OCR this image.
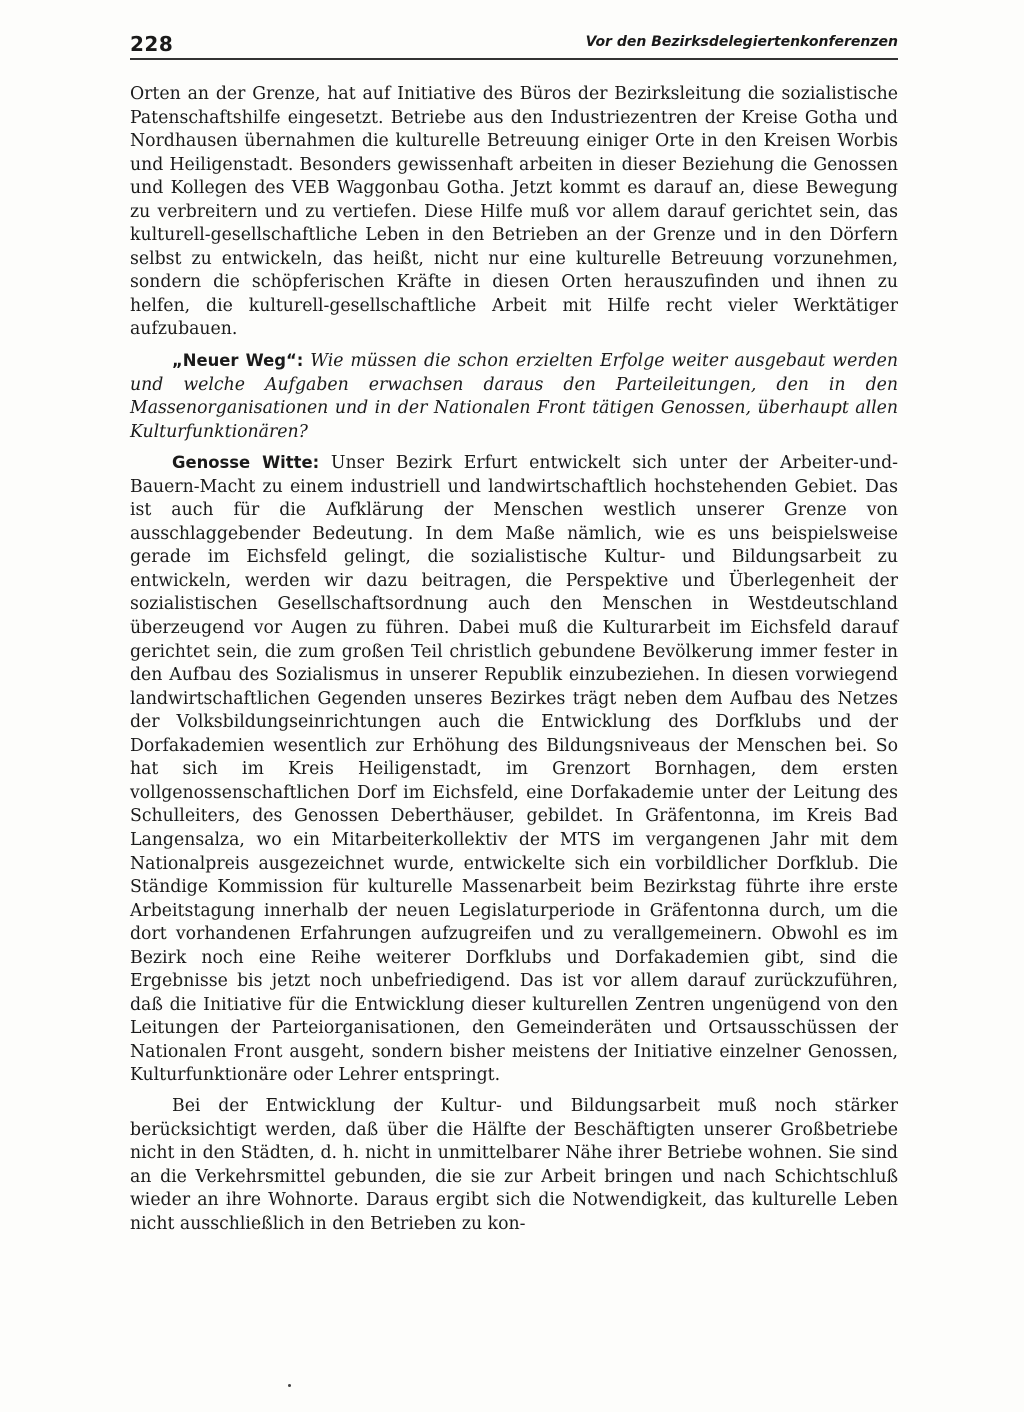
228	Vor den Bezirksdelegiertenkonferenzen

Orten an der Grenze, hat auf Initiative des Büros der Bezirksleitung die sozialistische Patenschaftshilfe eingesetzt. Betriebe aus den Industriezentren der Kreise Gotha und Nordhausen übernahmen die kulturelle Betreuung einiger Orte in den Kreisen Worbis und Heiligenstadt. Besonders gewissenhaft arbeiten in dieser Beziehung die Genossen und Kollegen des VEB Waggonbau Gotha. Jetzt kommt es darauf an, diese Bewegung zu verbreitern und zu vertiefen. Diese Hilfe muß vor allem darauf gerichtet sein, das kulturell-gesellschaftliche Leben in den Betrieben an der Grenze und in den Dörfern selbst zu entwickeln, das heißt, nicht nur eine kulturelle Betreuung vorzunehmen, sondern die schöpferischen Kräfte in diesen Orten herauszufinden und ihnen zu helfen, die kulturell-gesellschaftliche Arbeit mit Hilfe recht vieler Werktätiger aufzubauen.

„Neuer Weg“: Wie müssen die schon erzielten Erfolge weiter ausgebaut werden und welche Aufgaben erwachsen daraus den Parteileitungen, den in den Massenorganisationen und in der Nationalen Front tätigen Genossen, überhaupt allen Kulturfunktionären?

Genosse Witte: Unser Bezirk Erfurt entwickelt sich unter der Arbeiter-und-Bauern-Macht zu einem industriell und landwirtschaftlich hochstehenden Gebiet. Das ist auch für die Aufklärung der Menschen westlich unserer Grenze von ausschlaggebender Bedeutung. In dem Maße nämlich, wie es uns beispielsweise gerade im Eichsfeld gelingt, die sozialistische Kultur- und Bildungsarbeit zu entwickeln, werden wir dazu beitragen, die Perspektive und Überlegenheit der sozialistischen Gesellschaftsordnung auch den Menschen in Westdeutschland überzeugend vor Augen zu führen. Dabei muß die Kulturarbeit im Eichsfeld darauf gerichtet sein, die zum großen Teil christlich gebundene Bevölkerung immer fester in den Aufbau des Sozialismus in unserer Republik einzubeziehen. In diesen vorwiegend landwirtschaftlichen Gegenden unseres Bezirkes trägt neben dem Aufbau des Netzes der Volksbildungseinrichtungen auch die Entwicklung des Dorfklubs und der Dorfakademien wesentlich zur Erhöhung des Bildungsniveaus der Menschen bei. So hat sich im Kreis Heiligenstadt, im Grenzort Bornhagen, dem ersten vollgenossenschaftlichen Dorf im Eichsfeld, eine Dorfakademie unter der Leitung des Schulleiters, des Genossen Deberthäuser, gebildet. In Gräfentonna, im Kreis Bad Langensalza, wo ein Mitarbeiterkollektiv der MTS im vergangenen Jahr mit dem Nationalpreis ausgezeichnet wurde, entwickelte sich ein vorbildlicher Dorfklub. Die Ständige Kommission für kulturelle Massenarbeit beim Bezirkstag führte ihre erste Arbeitstagung innerhalb der neuen Legislaturperiode in Gräfentonna durch, um die dort vorhandenen Erfahrungen aufzugreifen und zu verallgemeinern. Obwohl es im Bezirk noch eine Reihe weiterer Dorfklubs und Dorfakademien gibt, sind die Ergebnisse bis jetzt noch unbefriedigend. Das ist vor allem darauf zurückzuführen, daß die Initiative für die Entwicklung dieser kulturellen Zentren ungenügend von den Leitungen der Parteiorganisationen, den Gemeinderäten und Ortsausschüssen der Nationalen Front ausgeht, sondern bisher meistens der Initiative einzelner Genossen, Kulturfunktionäre oder Lehrer entspringt.

Bei der Entwicklung der Kultur- und Bildungsarbeit muß noch stärker berücksichtigt werden, daß über die Hälfte der Beschäftigten unserer Großbetriebe nicht in den Städten, d. h. nicht in unmittelbarer Nähe ihrer Betriebe wohnen. Sie sind an die Verkehrsmittel gebunden, die sie zur Arbeit bringen und nach Schichtschluß wieder an ihre Wohnorte. Daraus ergibt sich die Notwendigkeit, das kulturelle Leben nicht ausschließlich in den Betrieben zu kon-
